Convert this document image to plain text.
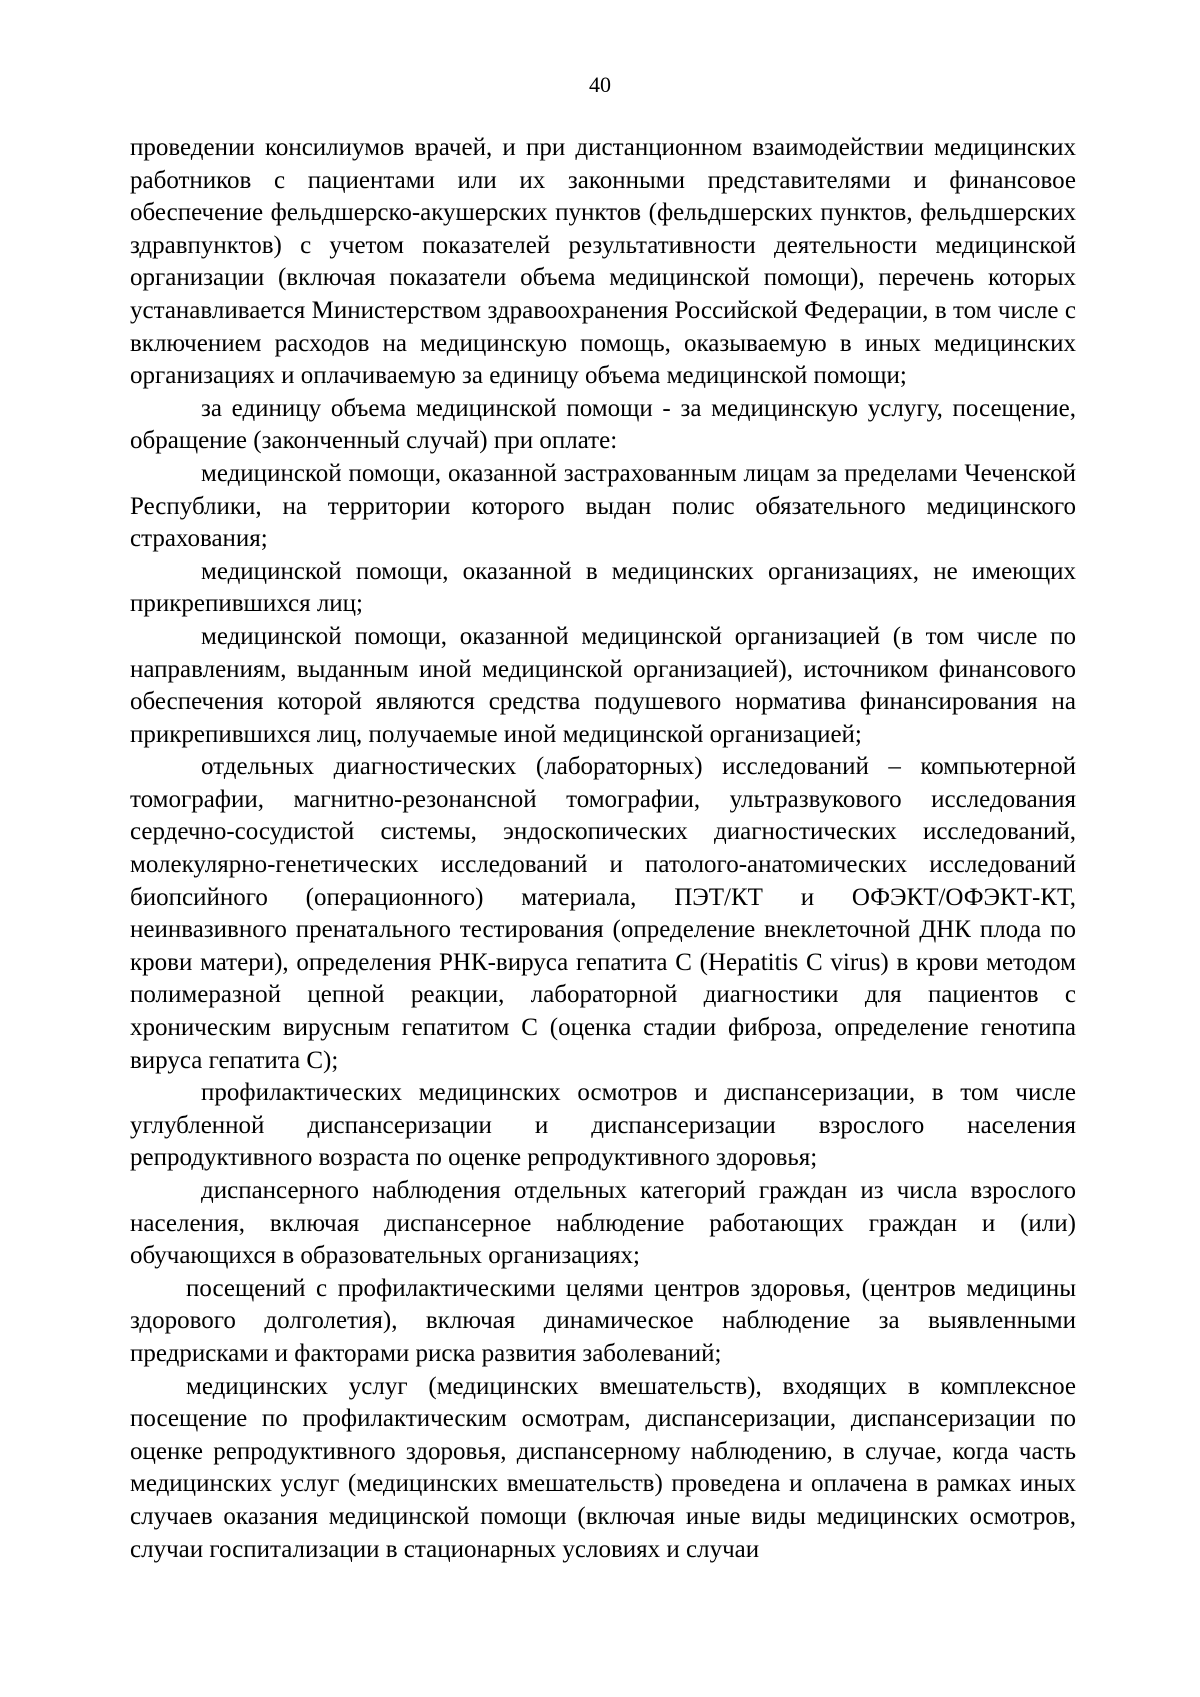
40

проведении консилиумов врачей, и при дистанционном взаимодействии медицинских работников с пациентами или их законными представителями и финансовое обеспечение фельдшерско-акушерских пунктов (фельдшерских пунктов, фельдшерских здравпунктов) с учетом показателей результативности деятельности медицинской организации (включая показатели объема медицинской помощи), перечень которых устанавливается Министерством здравоохранения Российской Федерации, в том числе с включением расходов на медицинскую помощь, оказываемую в иных медицинских организациях и оплачиваемую за единицу объема медицинской помощи;

за единицу объема медицинской помощи - за медицинскую услугу, посещение, обращение (законченный случай) при оплате:

медицинской помощи, оказанной застрахованным лицам за пределами Чеченской Республики, на территории которого выдан полис обязательного медицинского страхования;

медицинской помощи, оказанной в медицинских организациях, не имеющих прикрепившихся лиц;

медицинской помощи, оказанной медицинской организацией (в том числе по направлениям, выданным иной медицинской организацией), источником финансового обеспечения которой являются средства подушевого норматива финансирования на прикрепившихся лиц, получаемые иной медицинской организацией;

отдельных диагностических (лабораторных) исследований – компьютерной томографии, магнитно-резонансной томографии, ультразвукового исследования сердечно-сосудистой системы, эндоскопических диагностических исследований, молекулярно-генетических исследований и патолого-анатомических исследований биопсийного (операционного) материала, ПЭТ/КТ и ОФЭКТ/ОФЭКТ-КТ, неинвазивного пренатального тестирования (определение внеклеточной ДНК плода по крови матери), определения РНК-вируса гепатита С (Hepatitis C virus) в крови методом полимеразной цепной реакции, лабораторной диагностики для пациентов с хроническим вирусным гепатитом С (оценка стадии фиброза, определение генотипа вируса гепатита С);

профилактических медицинских осмотров и диспансеризации, в том числе углубленной диспансеризации и диспансеризации взрослого населения репродуктивного возраста по оценке репродуктивного здоровья;

диспансерного наблюдения отдельных категорий граждан из числа взрослого населения, включая диспансерное наблюдение работающих граждан и (или) обучающихся в образовательных организациях;

посещений с профилактическими целями центров здоровья, (центров медицины здорового долголетия), включая динамическое наблюдение за выявленными предрисками и факторами риска развития заболеваний;

медицинских услуг (медицинских вмешательств), входящих в комплексное посещение по профилактическим осмотрам, диспансеризации, диспансеризации по оценке репродуктивного здоровья, диспансерному наблюдению, в случае, когда часть медицинских услуг (медицинских вмешательств) проведена и оплачена в рамках иных случаев оказания медицинской помощи (включая иные виды медицинских осмотров, случаи госпитализации в стационарных условиях и случаи
